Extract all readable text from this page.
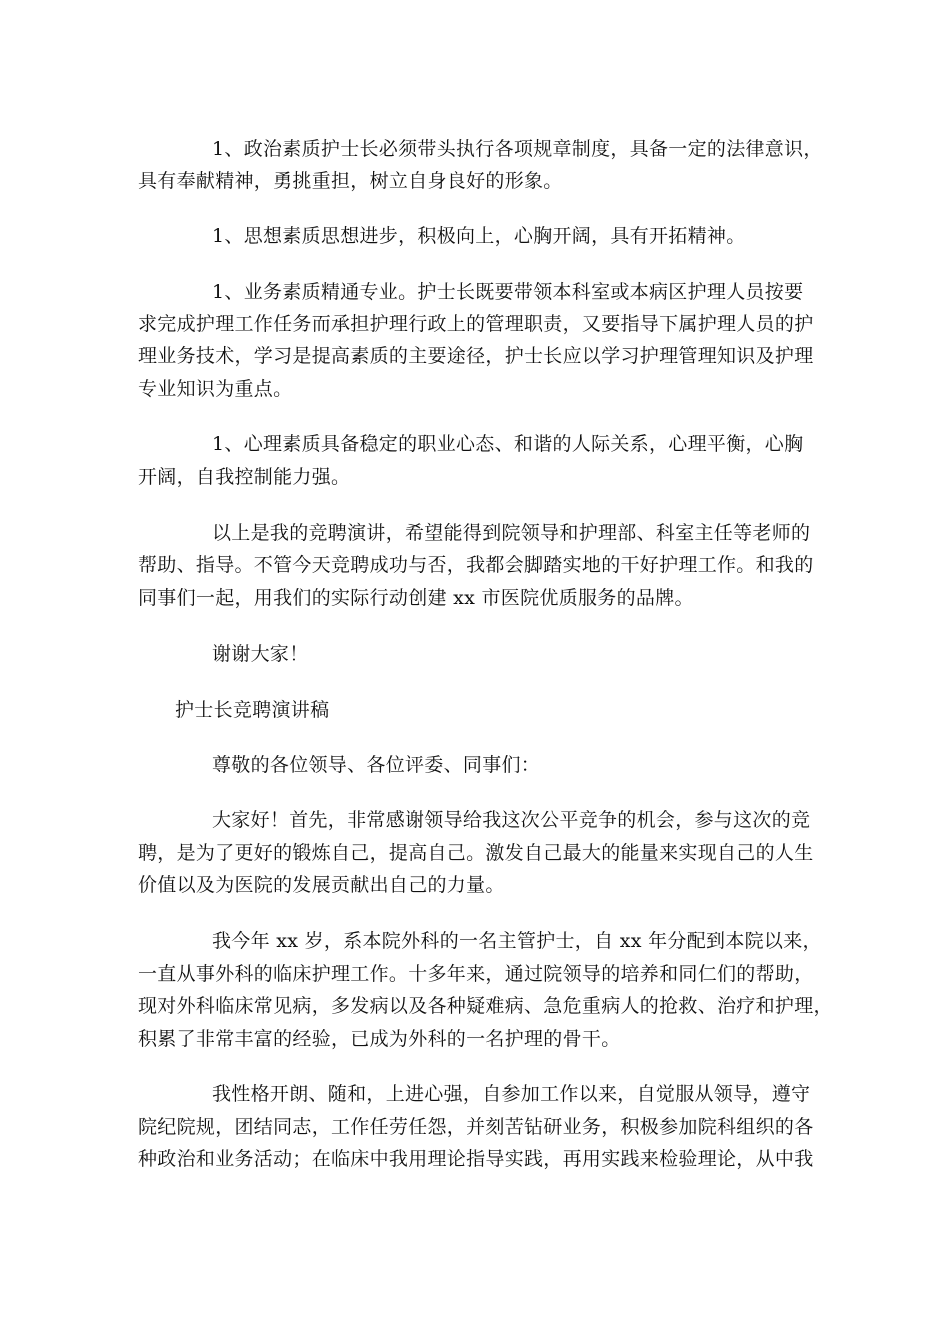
1、政治素质护士长必须带头执行各项规章制度，具备一定的法律意识，
具有奉献精神，勇挑重担，树立自身良好的形象。
1、思想素质思想进步，积极向上，心胸开阔，具有开拓精神。
1、业务素质精通专业。护士长既要带领本科室或本病区护理人员按要
求完成护理工作任务而承担护理行政上的管理职责，又要指导下属护理人员的护
理业务技术，学习是提高素质的主要途径，护士长应以学习护理管理知识及护理
专业知识为重点。
1、心理素质具备稳定的职业心态、和谐的人际关系，心理平衡，心胸
开阔，自我控制能力强。
以上是我的竞聘演讲，希望能得到院领导和护理部、科室主任等老师的
帮助、指导。不管今天竞聘成功与否，我都会脚踏实地的干好护理工作。和我的
同事们一起，用我们的实际行动创建 xx 市医院优质服务的品牌。
谢谢大家！
护士长竞聘演讲稿
尊敬的各位领导、各位评委、同事们：
大家好！首先，非常感谢领导给我这次公平竞争的机会，参与这次的竞
聘，是为了更好的锻炼自己，提高自己。激发自己最大的能量来实现自己的人生
价值以及为医院的发展贡献出自己的力量。
我今年 xx 岁，系本院外科的一名主管护士，自 xx 年分配到本院以来，
一直从事外科的临床护理工作。十多年来，通过院领导的培养和同仁们的帮助，
现对外科临床常见病，多发病以及各种疑难病、急危重病人的抢救、治疗和护理，
积累了非常丰富的经验，已成为外科的一名护理的骨干。
我性格开朗、随和，上进心强，自参加工作以来，自觉服从领导，遵守
院纪院规，团结同志，工作任劳任怨，并刻苦钻研业务，积极参加院科组织的各
种政治和业务活动；在临床中我用理论指导实践，再用实践来检验理论，从中我
